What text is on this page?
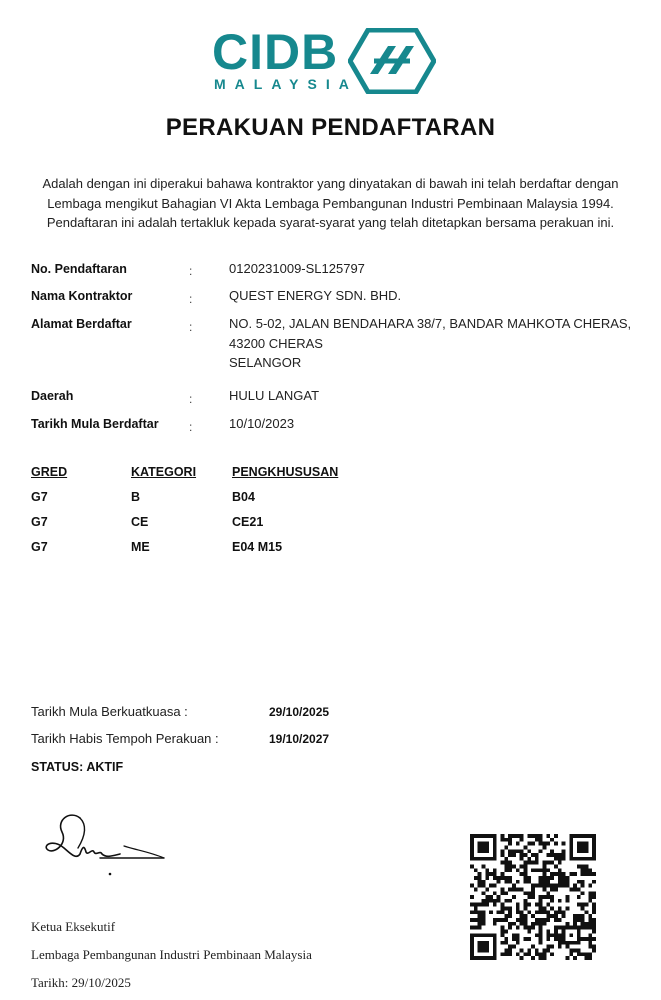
CIDB
MALAYSIA
PERAKUAN PENDAFTARAN
Adalah dengan ini diperakui bahawa kontraktor yang dinyatakan di bawah ini telah berdaftar dengan
Lembaga mengikut Bahagian VI Akta Lembaga Pembangunan Industri Pembinaan Malaysia 1994.
Pendaftaran ini adalah tertakluk kepada syarat-syarat yang telah ditetapkan bersama perakuan ini.
No. Pendaftaran	:	0120231009-SL125797
Nama Kontraktor	:	QUEST ENERGY SDN. BHD.
Alamat Berdaftar	:	NO. 5-02, JALAN BENDAHARA 38/7, BANDAR MAHKOTA CHERAS,
43200 CHERAS
SELANGOR
Daerah	:	HULU LANGAT
Tarikh Mula Berdaftar	:	10/10/2023
GRED	KATEGORI	PENGKHUSUSAN
G7	B	B04
G7	CE	CE21
G7	ME	E04 M15
Tarikh Mula Berkuatkuasa :	29/10/2025
Tarikh Habis Tempoh Perakuan :	19/10/2027
STATUS: AKTIF
Ketua Eksekutif
Lembaga Pembangunan Industri Pembinaan Malaysia
Tarikh: 29/10/2025
